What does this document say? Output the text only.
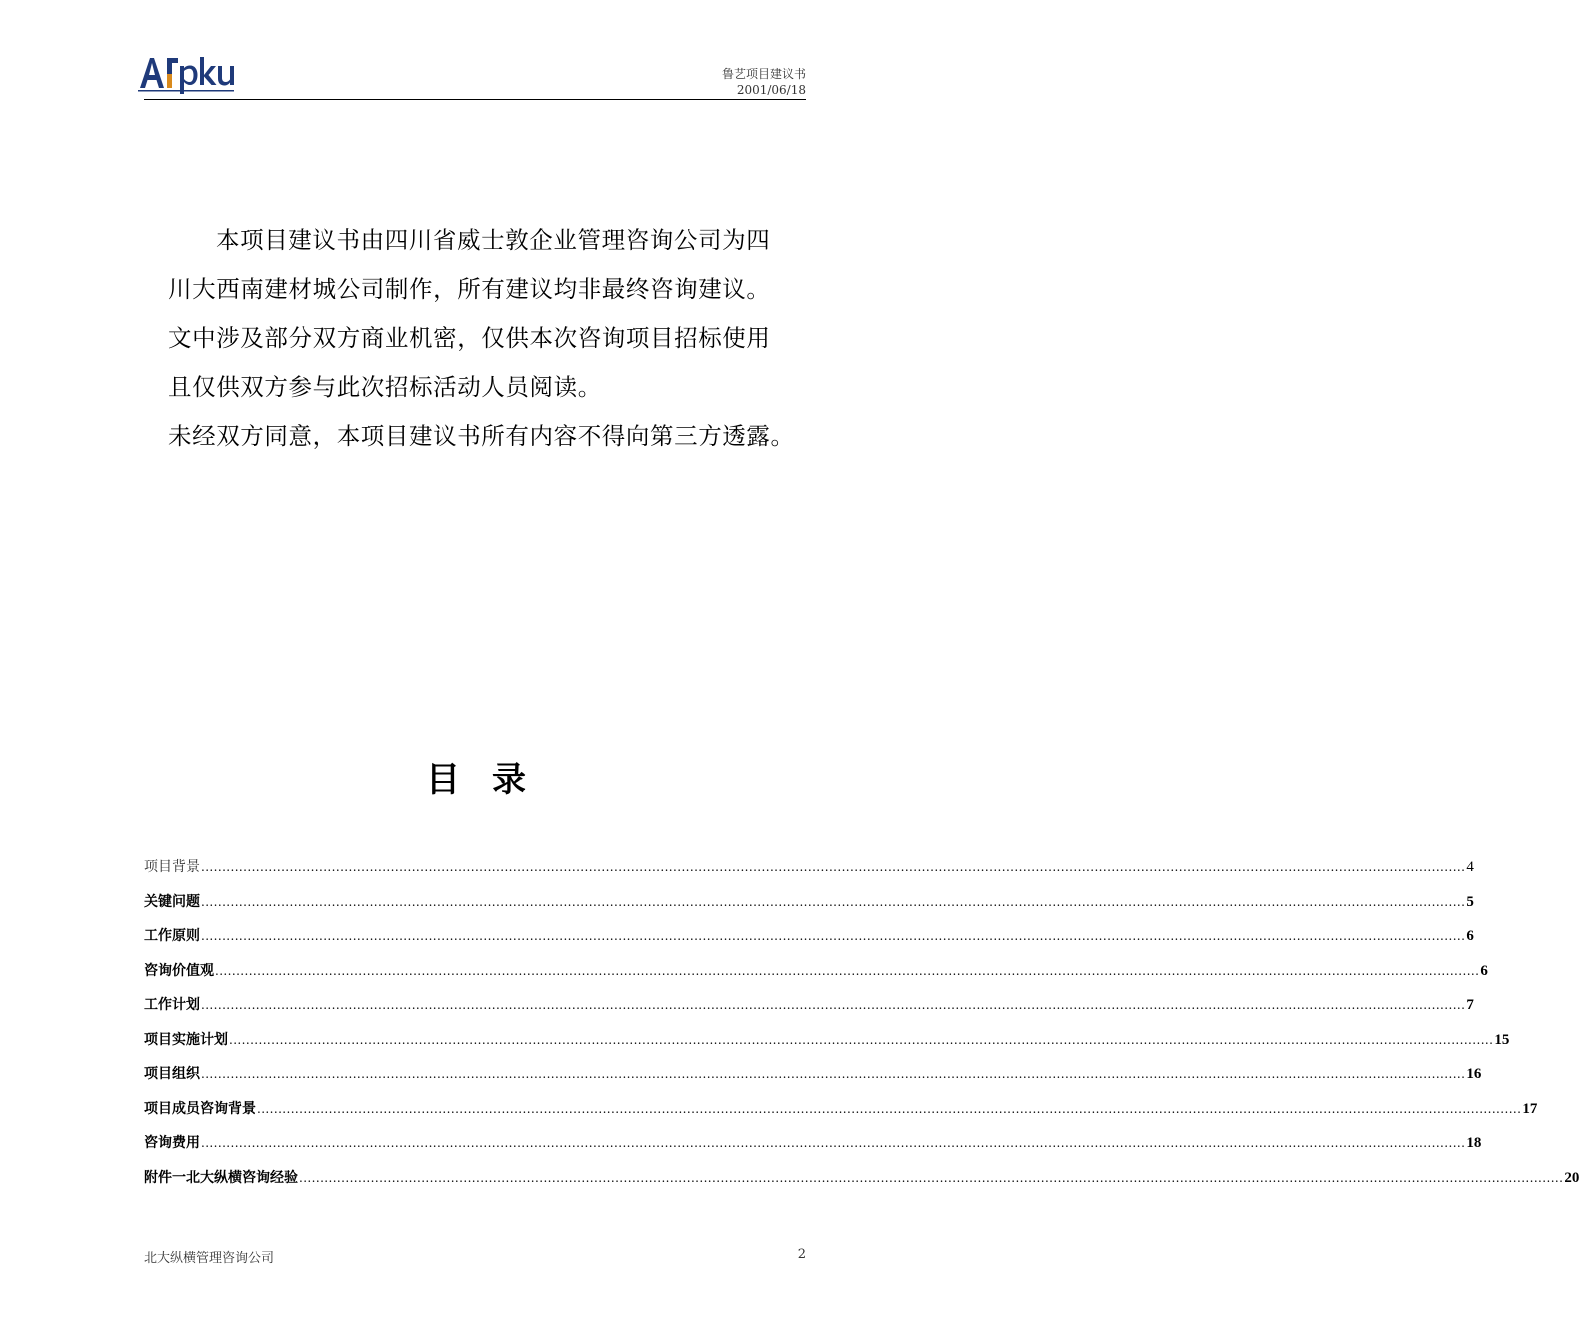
鲁艺项目建议书
2001/06/18
本项目建议书由四川省威士敦企业管理咨询公司为四
川大西南建材城公司制作，所有建议均非最终咨询建议。
文中涉及部分双方商业机密，仅供本次咨询项目招标使用
且仅供双方参与此次招标活动人员阅读。
未经双方同意，本项目建议书所有内容不得向第三方透露。
目录
项目背景 ............................................................................................................................................................................................................................................................................................................ 4
关键问题 ............................................................................................................................................................................................................................................................................................................ 5
工作原则 ............................................................................................................................................................................................................................................................................................................ 6
咨询价值观 ............................................................................................................................................................................................................................................................................................................ 6
工作计划 ............................................................................................................................................................................................................................................................................................................ 7
项目实施计划 ............................................................................................................................................................................................................................................................................................................ 15
项目组织 ............................................................................................................................................................................................................................................................................................................ 16
项目成员咨询背景 ............................................................................................................................................................................................................................................................................................................ 17
咨询费用 ............................................................................................................................................................................................................................................................................................................ 18
附件一北大纵横咨询经验 ............................................................................................................................................................................................................................................................................................................ 20
北大纵横管理咨询公司	2
